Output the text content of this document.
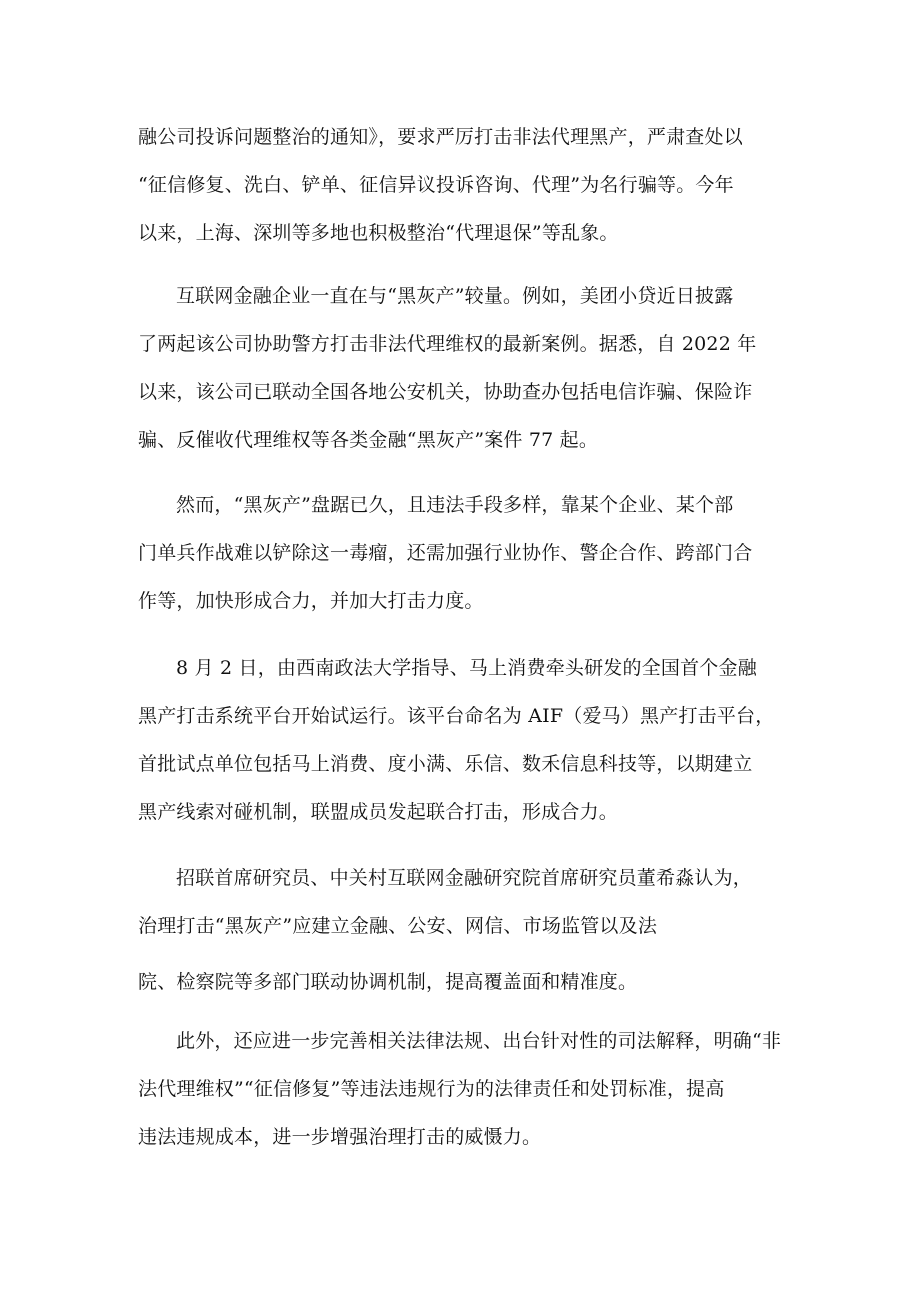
融公司投诉问题整治的通知》，要求严厉打击非法代理黑产，严肃查处以
“征信修复、洗白、铲单、征信异议投诉咨询、代理”为名行骗等。今年
以来，上海、深圳等多地也积极整治“代理退保”等乱象。
互联网金融企业一直在与“黑灰产”较量。例如，美团小贷近日披露
了两起该公司协助警方打击非法代理维权的最新案例。据悉，自 2022 年
以来，该公司已联动全国各地公安机关，协助查办包括电信诈骗、保险诈
骗、反催收代理维权等各类金融“黑灰产”案件 77 起。
然而，“黑灰产”盘踞已久，且违法手段多样，靠某个企业、某个部
门单兵作战难以铲除这一毒瘤，还需加强行业协作、警企合作、跨部门合
作等，加快形成合力，并加大打击力度。
8 月 2 日，由西南政法大学指导、马上消费牵头研发的全国首个金融
黑产打击系统平台开始试运行。该平台命名为 AIF（爱马）黑产打击平台，
首批试点单位包括马上消费、度小满、乐信、数禾信息科技等，以期建立
黑产线索对碰机制，联盟成员发起联合打击，形成合力。
招联首席研究员、中关村互联网金融研究院首席研究员董希淼认为，
治理打击“黑灰产”应建立金融、公安、网信、市场监管以及法
院、检察院等多部门联动协调机制，提高覆盖面和精准度。
此外，还应进一步完善相关法律法规、出台针对性的司法解释，明确“非
法代理维权”“征信修复”等违法违规行为的法律责任和处罚标准，提高
违法违规成本，进一步增强治理打击的威慑力。
